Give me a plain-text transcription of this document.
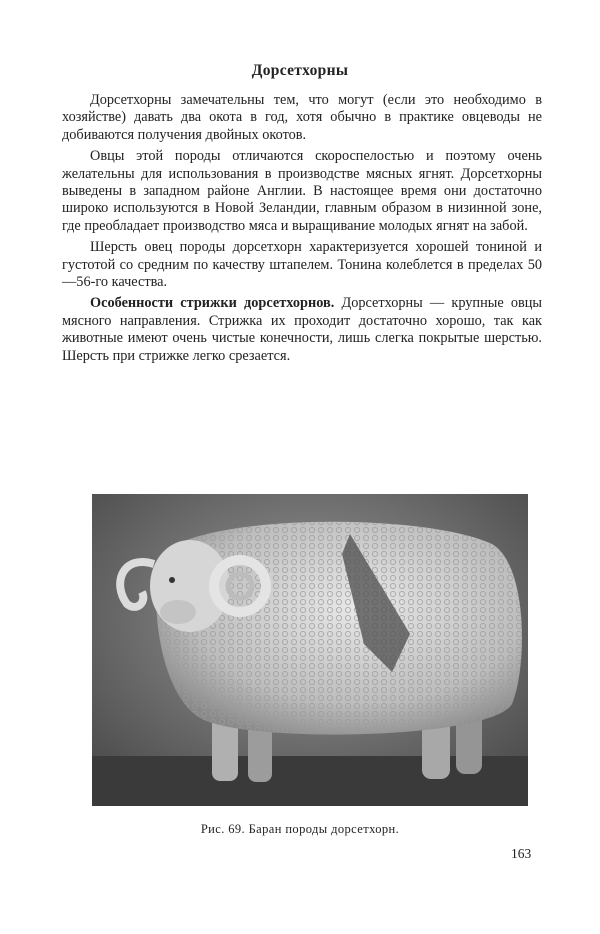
Дорсетхорны

Дорсетхорны замечательны тем, что могут (если это необходимо в хозяйстве) давать два окота в год, хотя обычно в практике овцеводы не добиваются получения двойных окотов.

Овцы этой породы отличаются скороспелостью и поэтому очень желательны для использования в производстве мясных ягнят. Дорсетхорны выведены в западном районе Англии. В настоящее время они достаточно широко используются в Новой Зеландии, главным образом в низинной зоне, где преобладает производство мяса и выращивание молодых ягнят на забой.

Шерсть овец породы дорсетхорн характеризуется хорошей тониной и густотой со средним по качеству штапелем. Тонина колеблется в пределах 50—56-го качества.

Особенности стрижки дорсетхорнов. Дорсетхорны — крупные овцы мясного направления. Стрижка их проходит достаточно хорошо, так как животные имеют очень чистые конечности, лишь слегка покрытые шерстью. Шерсть при стрижке легко срезается.

Рис. 69. Баран породы дорсетхорн.
163
